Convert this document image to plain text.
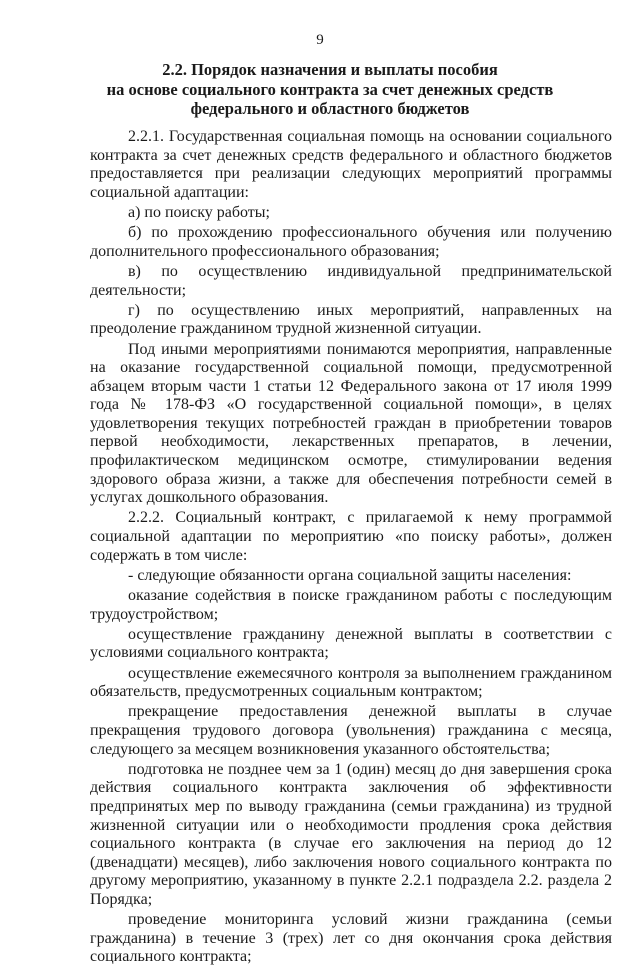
9
2.2. Порядок назначения и выплаты пособия
на основе социального контракта за счет денежных средств
федерального и областного бюджетов

2.2.1. Государственная социальная помощь на основании социального контракта за счет денежных средств федерального и областного бюджетов предоставляется при реализации следующих мероприятий программы социальной адаптации:

а) по поиску работы;

б) по прохождению профессионального обучения или получению дополнительного профессионального образования;

в) по осуществлению индивидуальной предпринимательской деятельности;

г) по осуществлению иных мероприятий, направленных на преодоление гражданином трудной жизненной ситуации.

Под иными мероприятиями понимаются мероприятия, направленные на оказание государственной социальной помощи, предусмотренной абзацем вторым части 1 статьи 12 Федерального закона от 17 июля 1999 года № 178-ФЗ «О государственной социальной помощи», в целях удовлетворения текущих потребностей граждан в приобретении товаров первой необходимости, лекарственных препаратов, в лечении, профилактическом медицинском осмотре, стимулировании ведения здорового образа жизни, а также для обеспечения потребности семей в услугах дошкольного образования.

2.2.2. Социальный контракт, с прилагаемой к нему программой социальной адаптации по мероприятию «по поиску работы», должен содержать в том числе:

- следующие обязанности органа социальной защиты населения:

оказание содействия в поиске гражданином работы с последующим трудоустройством;

осуществление гражданину денежной выплаты в соответствии с условиями социального контракта;

осуществление ежемесячного контроля за выполнением гражданином обязательств, предусмотренных социальным контрактом;

прекращение предоставления денежной выплаты в случае прекращения трудового договора (увольнения) гражданина с месяца, следующего за месяцем возникновения указанного обстоятельства;

подготовка не позднее чем за 1 (один) месяц до дня завершения срока действия социального контракта заключения об эффективности предпринятых мер по выводу гражданина (семьи гражданина) из трудной жизненной ситуации или о необходимости продления срока действия социального контракта (в случае его заключения на период до 12 (двенадцати) месяцев), либо заключения нового социального контракта по другому мероприятию, указанному в пункте 2.2.1 подраздела 2.2. раздела 2 Порядка;

проведение мониторинга условий жизни гражданина (семьи гражданина) в течение 3 (трех) лет со дня окончания срока действия социального контракта;
